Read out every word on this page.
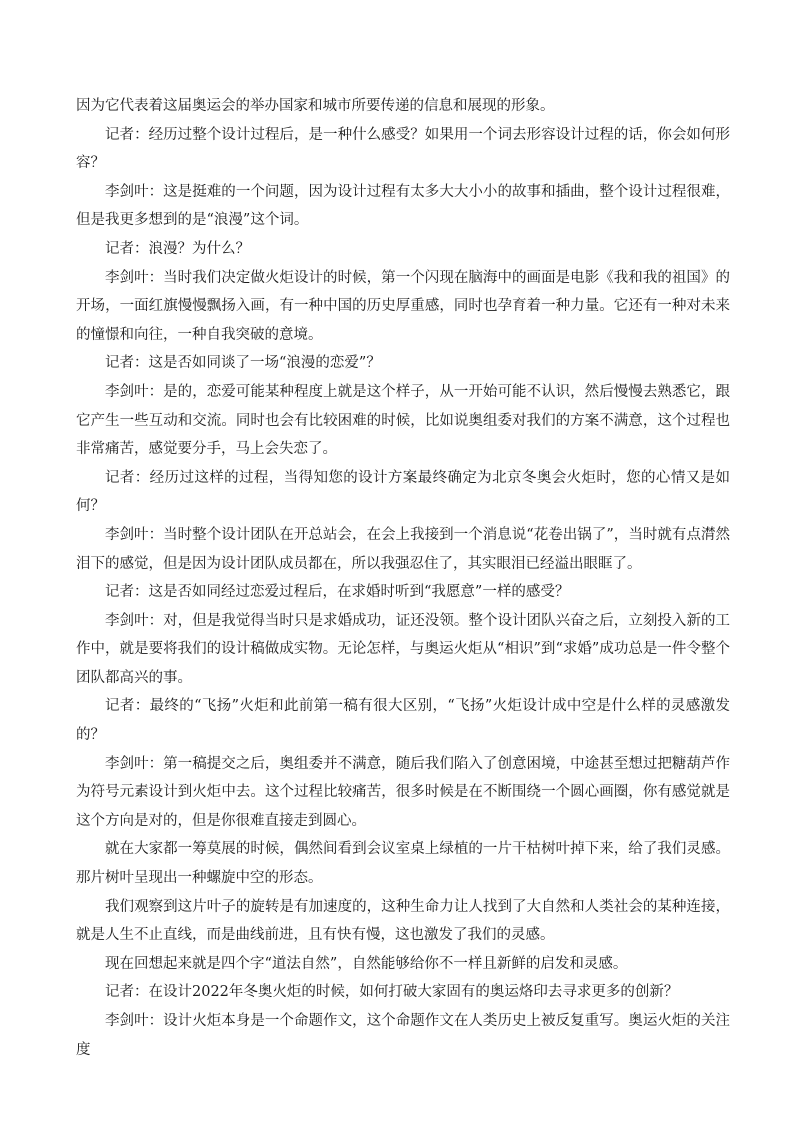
因为它代表着这届奥运会的举办国家和城市所要传递的信息和展现的形象。

记者：经历过整个设计过程后，是一种什么感受？如果用一个词去形容设计过程的话，你会如何形容？

李剑叶：这是挺难的一个问题，因为设计过程有太多大大小小的故事和插曲，整个设计过程很难，但是我更多想到的是“浪漫”这个词。

记者：浪漫？为什么？

李剑叶：当时我们决定做火炬设计的时候，第一个闪现在脑海中的画面是电影《我和我的祖国》的开场，一面红旗慢慢飘扬入画，有一种中国的历史厚重感，同时也孕育着一种力量。它还有一种对未来的憧憬和向往，一种自我突破的意境。

记者：这是否如同谈了一场“浪漫的恋爱”？

李剑叶：是的，恋爱可能某种程度上就是这个样子，从一开始可能不认识，然后慢慢去熟悉它，跟它产生一些互动和交流。同时也会有比较困难的时候，比如说奥组委对我们的方案不满意，这个过程也非常痛苦，感觉要分手，马上会失恋了。

记者：经历过这样的过程，当得知您的设计方案最终确定为北京冬奥会火炬时，您的心情又是如何？

李剑叶：当时整个设计团队在开总站会，在会上我接到一个消息说“花卷出锅了”，当时就有点潸然泪下的感觉，但是因为设计团队成员都在，所以我强忍住了，其实眼泪已经溢出眼眶了。

记者：这是否如同经过恋爱过程后，在求婚时听到“我愿意”一样的感受？

李剑叶：对，但是我觉得当时只是求婚成功，证还没领。整个设计团队兴奋之后，立刻投入新的工作中，就是要将我们的设计稿做成实物。无论怎样，与奥运火炬从“相识”到“求婚”成功总是一件令整个团队都高兴的事。

记者：最终的“飞扬”火炬和此前第一稿有很大区别，“飞扬”火炬设计成中空是什么样的灵感激发的？

李剑叶：第一稿提交之后，奥组委并不满意，随后我们陷入了创意困境，中途甚至想过把糖葫芦作为符号元素设计到火炬中去。这个过程比较痛苦，很多时候是在不断围绕一个圆心画圈，你有感觉就是这个方向是对的，但是你很难直接走到圆心。

就在大家都一筹莫展的时候，偶然间看到会议室桌上绿植的一片干枯树叶掉下来，给了我们灵感。那片树叶呈现出一种螺旋中空的形态。

我们观察到这片叶子的旋转是有加速度的，这种生命力让人找到了大自然和人类社会的某种连接，就是人生不止直线，而是曲线前进，且有快有慢，这也激发了我们的灵感。

现在回想起来就是四个字“道法自然”，自然能够给你不一样且新鲜的启发和灵感。

记者：在设计2022年冬奥火炬的时候，如何打破大家固有的奥运烙印去寻求更多的创新？

李剑叶：设计火炬本身是一个命题作文，这个命题作文在人类历史上被反复重写。奥运火炬的关注度
